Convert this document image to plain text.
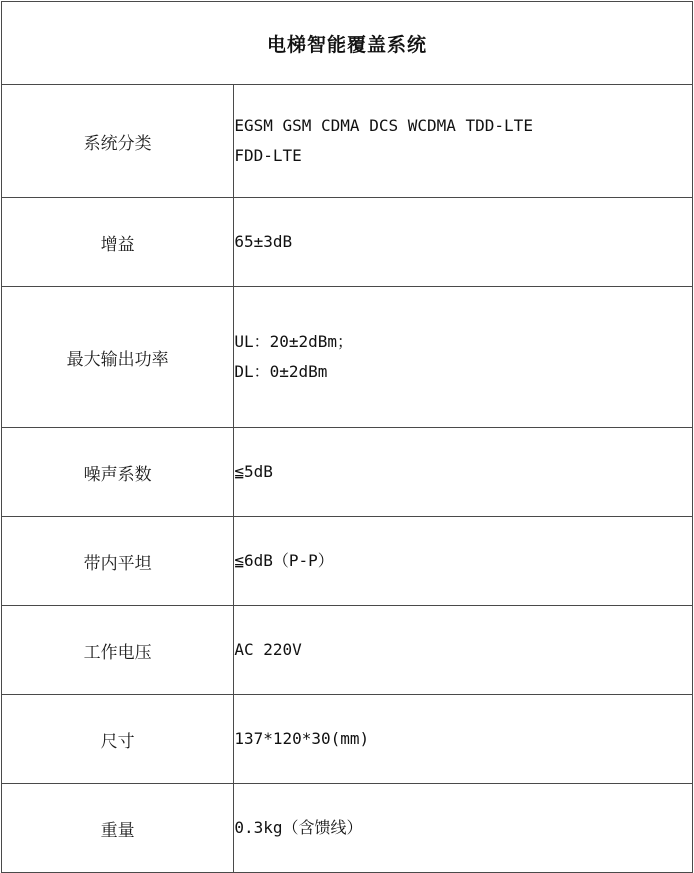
电梯智能覆盖系统	
系统分类	EGSM GSM CDMA DCS WCDMA TDD-LTE
FDD-LTE

增益	65±3dB

最大输出功率	UL：20±2dBm；
DL：0±2dBm

噪声系数	≦5dB

带内平坦	≦6dB（P-P）

工作电压	AC 220V

尺寸	137*120*30(mm)

重量	0.3kg（含馈线）
